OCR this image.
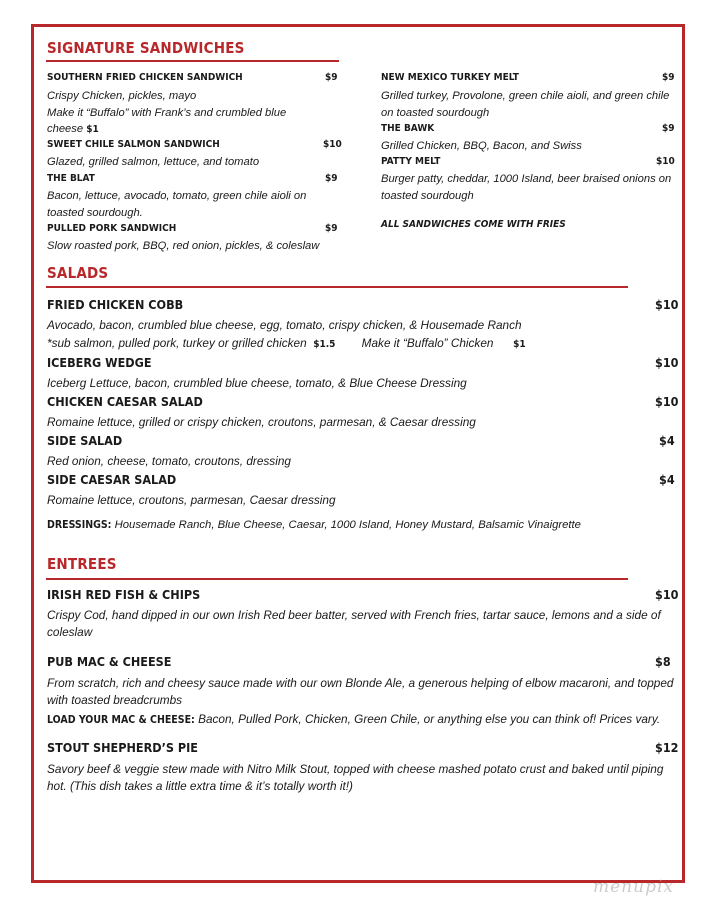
SIGNATURE SANDWICHES
SOUTHERN FRIED CHICKEN SANDWICH	$9
Crispy Chicken, pickles, mayo
Make it “Buffalo” with Frank’s and crumbled blue cheese $1
SWEET CHILE SALMON SANDWICH	$10
Glazed, grilled salmon, lettuce, and tomato
THE BLAT	$9
Bacon, lettuce, avocado, tomato, green chile aioli on toasted sourdough.
PULLED PORK SANDWICH	$9
Slow roasted pork, BBQ, red onion, pickles, & coleslaw
NEW MEXICO TURKEY MELT	$9
Grilled turkey, Provolone, green chile aioli, and green chile on toasted sourdough
THE BAWK	$9
Grilled Chicken, BBQ, Bacon, and Swiss
PATTY MELT	$10
Burger patty, cheddar, 1000 Island, beer braised onions on toasted sourdough
ALL SANDWICHES COME WITH FRIES
SALADS
FRIED CHICKEN COBB	$10
Avocado, bacon, crumbled blue cheese, egg, tomato, crispy chicken, & Housemade Ranch
*sub salmon, pulled pork, turkey or grilled chicken $1.5 Make it “Buffalo” Chicken $1
ICEBERG WEDGE	$10
Iceberg Lettuce, bacon, crumbled blue cheese, tomato, & Blue Cheese Dressing
CHICKEN CAESAR SALAD	$10
Romaine lettuce, grilled or crispy chicken, croutons, parmesan, & Caesar dressing
SIDE SALAD	$4
Red onion, cheese, tomato, croutons, dressing
SIDE CAESAR SALAD	$4
Romaine lettuce, croutons, parmesan, Caesar dressing
DRESSINGS: Housemade Ranch, Blue Cheese, Caesar, 1000 Island, Honey Mustard, Balsamic Vinaigrette
ENTREES
IRISH RED FISH & CHIPS	$10
Crispy Cod, hand dipped in our own Irish Red beer batter, served with French fries, tartar sauce, lemons and a side of coleslaw
PUB MAC & CHEESE	$8
From scratch, rich and cheesy sauce made with our own Blonde Ale, a generous helping of elbow macaroni, and topped with toasted breadcrumbs
LOAD YOUR MAC & CHEESE: Bacon, Pulled Pork, Chicken, Green Chile, or anything else you can think of! Prices vary.
STOUT SHEPHERD’S PIE	$12
Savory beef & veggie stew made with Nitro Milk Stout, topped with cheese mashed potato crust and baked until piping hot. (This dish takes a little extra time & it’s totally worth it!)
menupix
